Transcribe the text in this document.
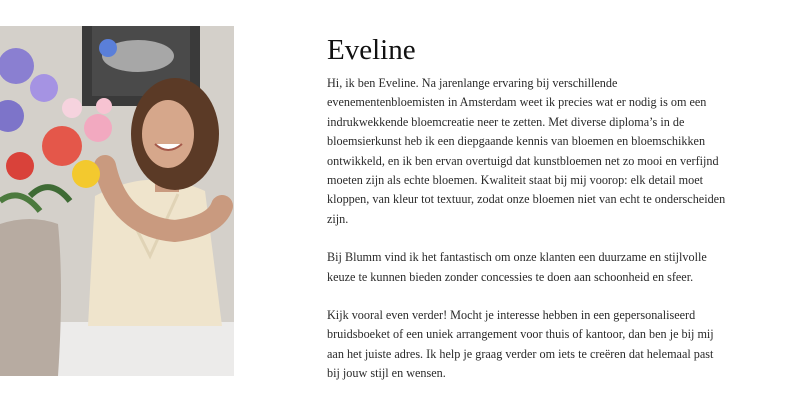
Eveline

Hi, ik ben Eveline. Na jarenlange ervaring bij verschillende evenementenbloemisten in Amsterdam weet ik precies wat er nodig is om een indrukwekkende bloemcreatie neer te zetten. Met diverse diploma’s in de bloemsierkunst heb ik een diepgaande kennis van bloemen en bloemschikken ontwikkeld, en ik ben ervan overtuigd dat kunstbloemen net zo mooi en verfijnd moeten zijn als echte bloemen. Kwaliteit staat bij mij voorop: elk detail moet kloppen, van kleur tot textuur, zodat onze bloemen niet van echt te onderscheiden zijn.

Bij Blumm vind ik het fantastisch om onze klanten een duurzame en stijlvolle keuze te kunnen bieden zonder concessies te doen aan schoonheid en sfeer.

Kijk vooral even verder! Mocht je interesse hebben in een gepersonaliseerd bruidsboeket of een uniek arrangement voor thuis of kantoor, dan ben je bij mij aan het juiste adres. Ik help je graag verder om iets te creëren dat helemaal past bij jouw stijl en wensen.
